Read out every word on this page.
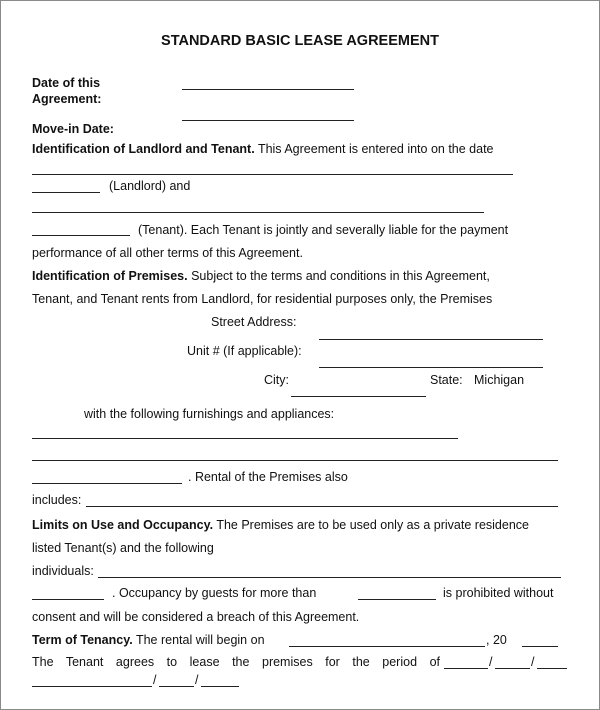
STANDARD BASIC LEASE AGREEMENT
Date of this
Agreement:
Move-in Date:
Identification of Landlord and Tenant. This Agreement is entered into on the date
(Landlord) and
(Tenant). Each Tenant is jointly and severally liable for the payment
performance of all other terms of this Agreement.
Identification of Premises. Subject to the terms and conditions in this Agreement,
Tenant, and Tenant rents from Landlord, for residential purposes only, the Premises
Street Address:
Unit # (If applicable):
City:	State: Michigan
with the following furnishings and appliances:
. Rental of the Premises also
includes:
Limits on Use and Occupancy. The Premises are to be used only as a private residence
listed Tenant(s) and the following
individuals:
. Occupancy by guests for more than	is prohibited without
consent and will be considered a breach of this Agreement.
Term of Tenancy. The rental will begin on	, 20
The Tenant agrees to lease the premises for the period of	/	/
/	/
